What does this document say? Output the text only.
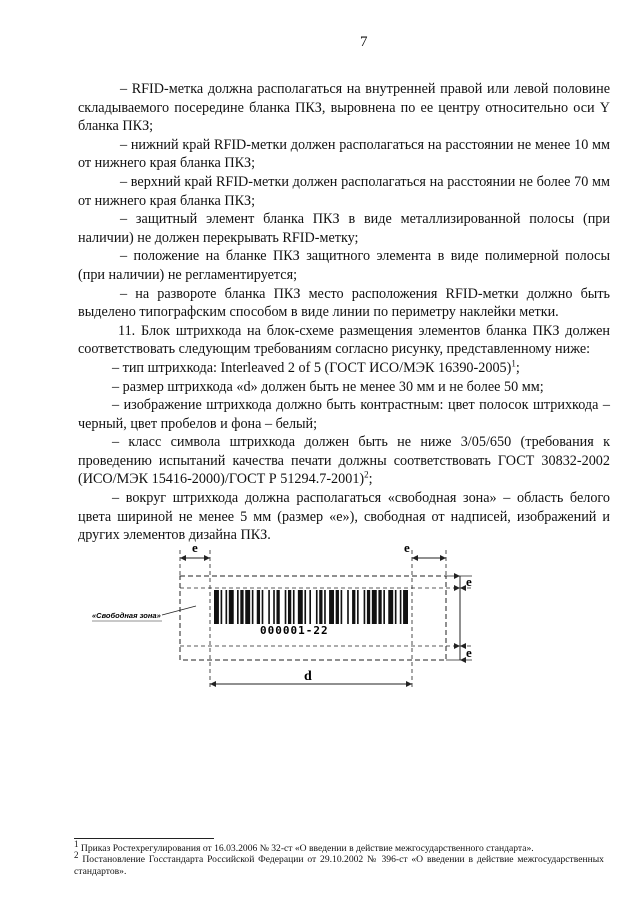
7

– RFID-метка должна располагаться на внутренней правой или левой половине складываемого посередине бланка ПКЗ, выровнена по ее центру относительно оси Y бланка ПКЗ;

– нижний край RFID-метки должен располагаться на расстоянии не менее 10 мм от нижнего края бланка ПКЗ;

– верхний край RFID-метки должен располагаться на расстоянии не более 70 мм от нижнего края бланка ПКЗ;

– защитный элемент бланка ПКЗ в виде металлизированной полосы (при наличии) не должен перекрывать RFID-метку;

– положение на бланке ПКЗ защитного элемента в виде полимерной полосы (при наличии) не регламентируется;

– на развороте бланка ПКЗ место расположения RFID-метки должно быть выделено типографским способом в виде линии по периметру наклейки метки.

11. Блок штрихкода на блок-схеме размещения элементов бланка ПКЗ должен соответствовать следующим требованиям согласно рисунку, представленному ниже:

– тип штрихкода: Interleaved 2 of 5 (ГОСТ ИСО/МЭК 16390-2005)$^1$;

– размер штрихкода «d» должен быть не менее 30 мм и не более 50 мм;

– изображение штрихкода должно быть контрастным: цвет полосок штрихкода – черный, цвет пробелов и фона – белый;

– класс символа штрихкода должен быть не ниже 3/05/650 (требования к проведению испытаний качества печати должны соответствовать ГОСТ 30832-2002 (ИСО/МЭК 15416-2000)/ГОСТ Р 51294.7-2001)$^2$;

– вокруг штрихкода должна располагаться «свободная зона» – область белого цвета шириной не менее 5 мм (размер «е»), свободная от надписей, изображений и других элементов дизайна ПКЗ.

e	e
e
e
d
000001-22
«Свободная зона»

$^1$ Приказ Ростехрегулирования от 16.03.2006 № 32-ст «О введении в действие межгосударственного стандарта».

$^2$ Постановление Госстандарта Российской Федерации от 29.10.2002 № 396-ст «О введении в действие межгосударственных стандартов».
